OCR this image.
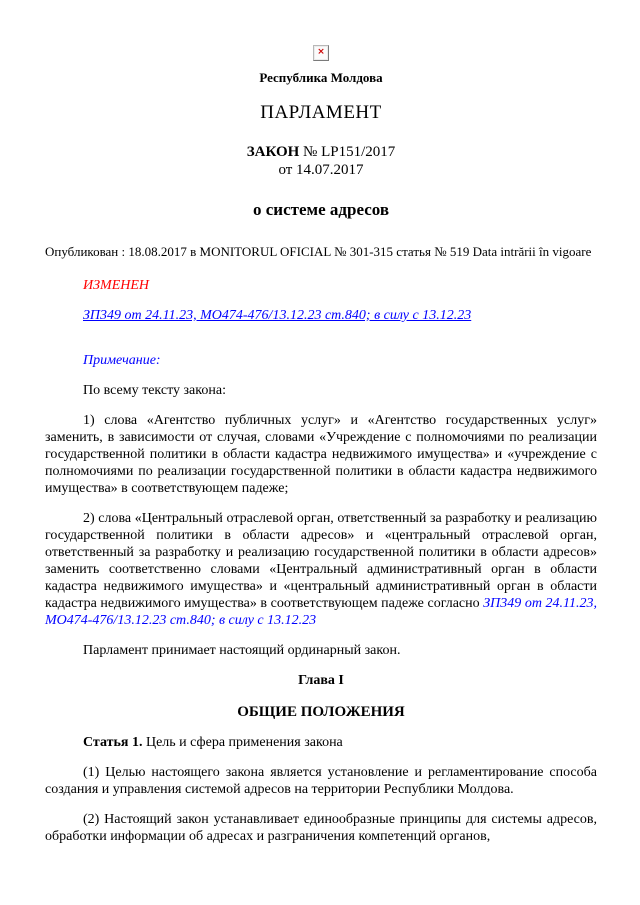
×
Республика Молдова
ПАРЛАМЕНТ
ЗАКОН № LP151/2017
от 14.07.2017
о системе адресов
Опубликован : 18.08.2017 в MONITORUL OFICIAL № 301-315 статья № 519 Data intrării în vigoare
ИЗМЕНЕН
ЗП349 от 24.11.23, МО474-476/13.12.23 ст.840; в силу с 13.12.23
Примечание:

По всему тексту закона:

1) слова «Агентство публичных услуг» и «Агентство государственных услуг» заменить, в зависимости от случая, словами «Учреждение с полномочиями по реализации государственной политики в области кадастра недвижимого имущества» и «учреждение с полномочиями по реализации государственной политики в области кадастра недвижимого имущества» в соответствующем падеже;

2) слова «Центральный отраслевой орган, ответственный за разработку и реализацию государственной политики в области адресов» и «центральный отраслевой орган, ответственный за разработку и реализацию государственной политики в области адресов» заменить соответственно словами «Центральный административный орган в области кадастра недвижимого имущества» и «центральный административный орган в области кадастра недвижимого имущества» в соответствующем падеже согласно ЗП349 от 24.11.23, МО474-476/13.12.23 ст.840; в силу с 13.12.23

Парламент принимает настоящий ординарный закон.

Глава I
ОБЩИЕ ПОЛОЖЕНИЯ

Статья 1. Цель и сфера применения закона

(1) Целью настоящего закона является установление и регламентирование способа создания и управления системой адресов на территории Республики Молдова.

(2) Настоящий закон устанавливает единообразные принципы для системы адресов, обработки информации об адресах и разграничения компетенций органов,
